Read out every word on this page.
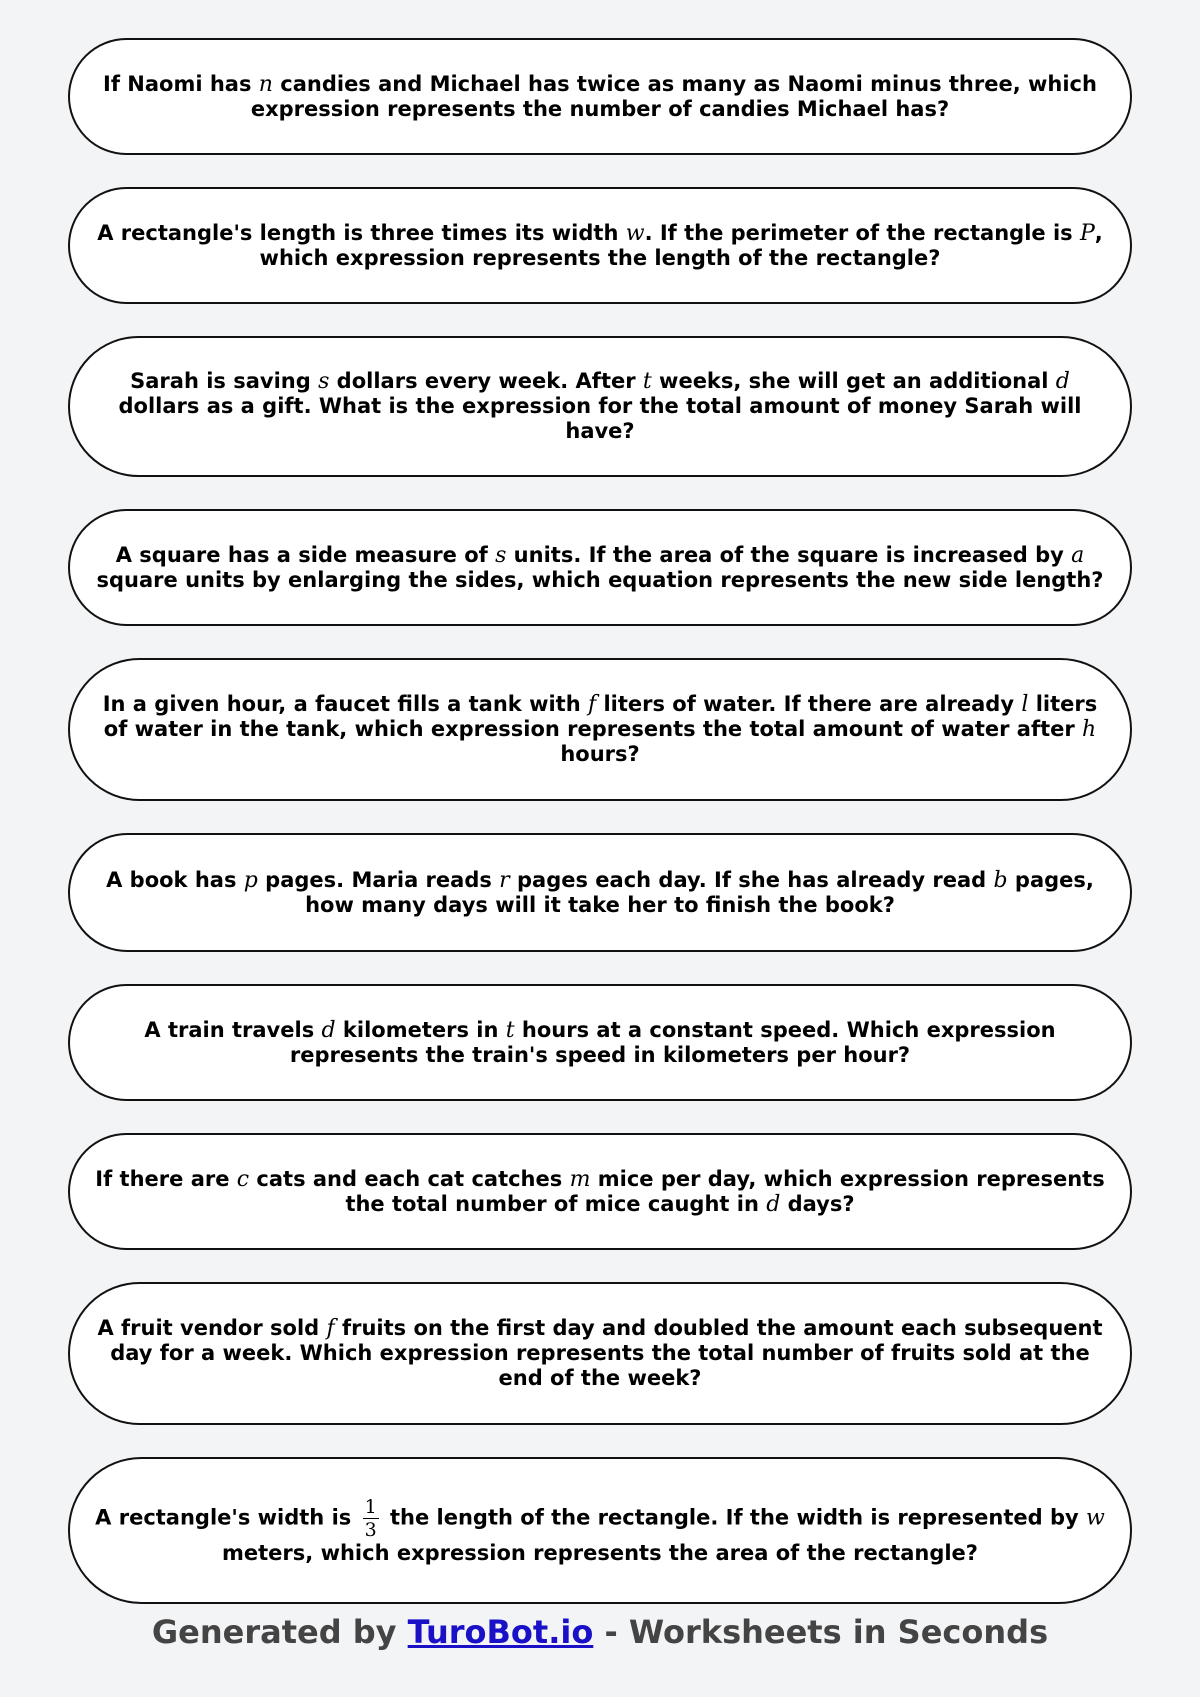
If Naomi has n candies and Michael has twice as many as Naomi minus three, which expression represents the number of candies Michael has?

A rectangle's length is three times its width w. If the perimeter of the rectangle is P, which expression represents the length of the rectangle?

Sarah is saving s dollars every week. After t weeks, she will get an additional d dollars as a gift. What is the expression for the total amount of money Sarah will have?

A square has a side measure of s units. If the area of the square is increased by a square units by enlarging the sides, which equation represents the new side length?

In a given hour, a faucet fills a tank with f liters of water. If there are already l liters of water in the tank, which expression represents the total amount of water after h hours?

A book has p pages. Maria reads r pages each day. If she has already read b pages, how many days will it take her to finish the book?

A train travels d kilometers in t hours at a constant speed. Which expression represents the train's speed in kilometers per hour?

If there are c cats and each cat catches m mice per day, which expression represents the total number of mice caught in d days?

A fruit vendor sold f fruits on the first day and doubled the amount each subsequent day for a week. Which expression represents the total number of fruits sold at the end of the week?

A rectangle's width is $\frac{1}{3}$ the length of the rectangle. If the width is represented by w meters, which expression represents the area of the rectangle?

Generated by TuroBot.io - Worksheets in Seconds
